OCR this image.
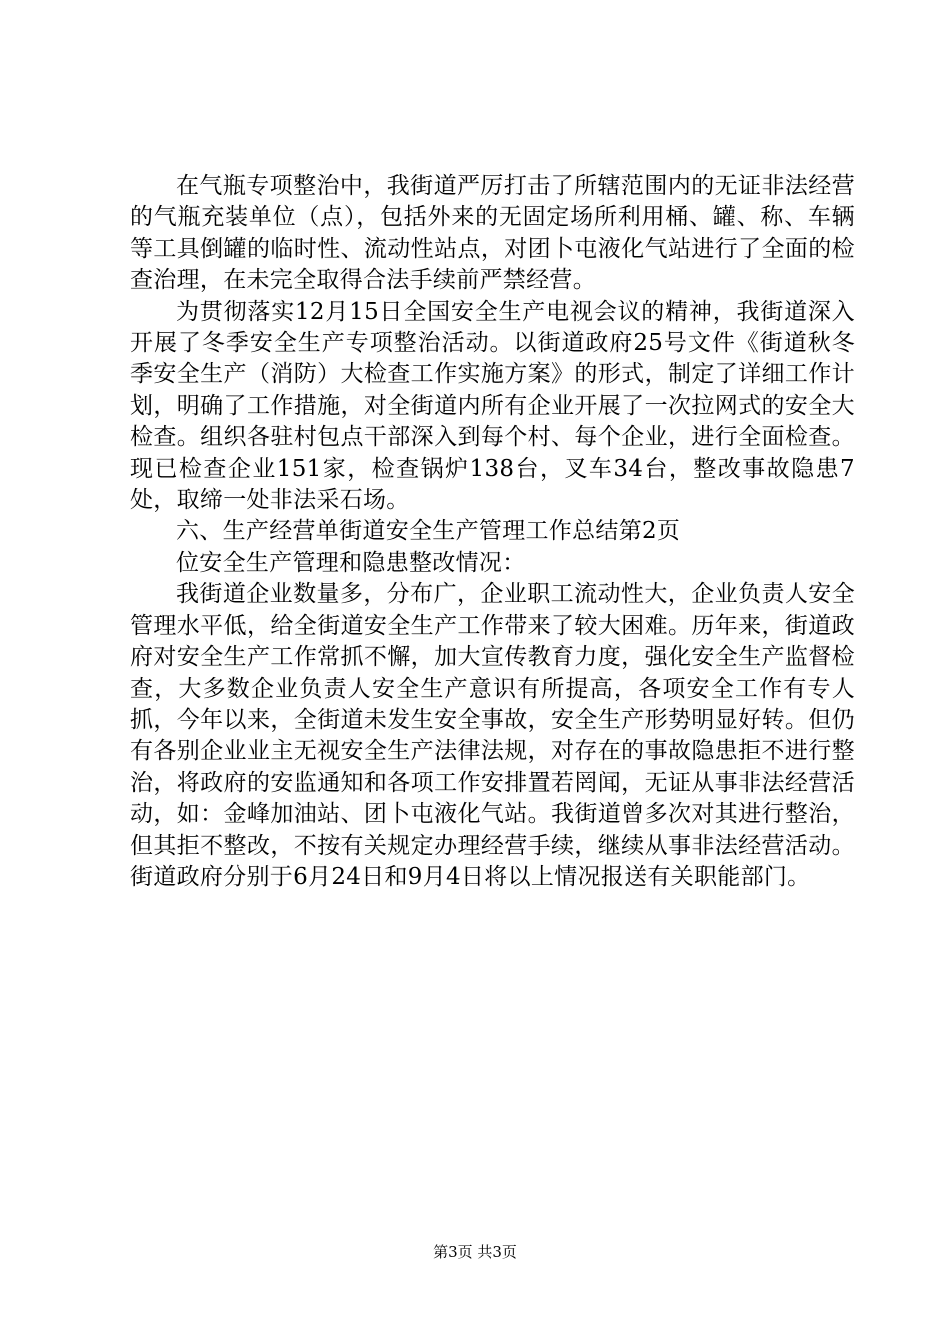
在气瓶专项整治中，我街道严厉打击了所辖范围内的无证非法经营的气瓶充装单位（点），包括外来的无固定场所利用桶、罐、称、车辆等工具倒罐的临时性、流动性站点，对团卜屯液化气站进行了全面的检查治理，在未完全取得合法手续前严禁经营。

为贯彻落实12月15日全国安全生产电视会议的精神，我街道深入开展了冬季安全生产专项整治活动。以街道政府25号文件《街道秋冬季安全生产（消防）大检查工作实施方案》的形式，制定了详细工作计划，明确了工作措施，对全街道内所有企业开展了一次拉网式的安全大检查。组织各驻村包点干部深入到每个村、每个企业，进行全面检查。现已检查企业151家，检查锅炉138台，叉车34台，整改事故隐患7处，取缔一处非法采石场。

六、生产经营单街道安全生产管理工作总结第2页

位安全生产管理和隐患整改情况：

我街道企业数量多，分布广，企业职工流动性大，企业负责人安全管理水平低，给全街道安全生产工作带来了较大困难。历年来，街道政府对安全生产工作常抓不懈，加大宣传教育力度，强化安全生产监督检查，大多数企业负责人安全生产意识有所提高，各项安全工作有专人抓，今年以来，全街道未发生安全事故，安全生产形势明显好转。但仍有各别企业业主无视安全生产法律法规，对存在的事故隐患拒不进行整治，将政府的安监通知和各项工作安排置若罔闻，无证从事非法经营活动，如：金峰加油站、团卜屯液化气站。我街道曾多次对其进行整治，但其拒不整改，不按有关规定办理经营手续，继续从事非法经营活动。街道政府分别于6月24日和9月4日将以上情况报送有关职能部门。

第3页 共3页
